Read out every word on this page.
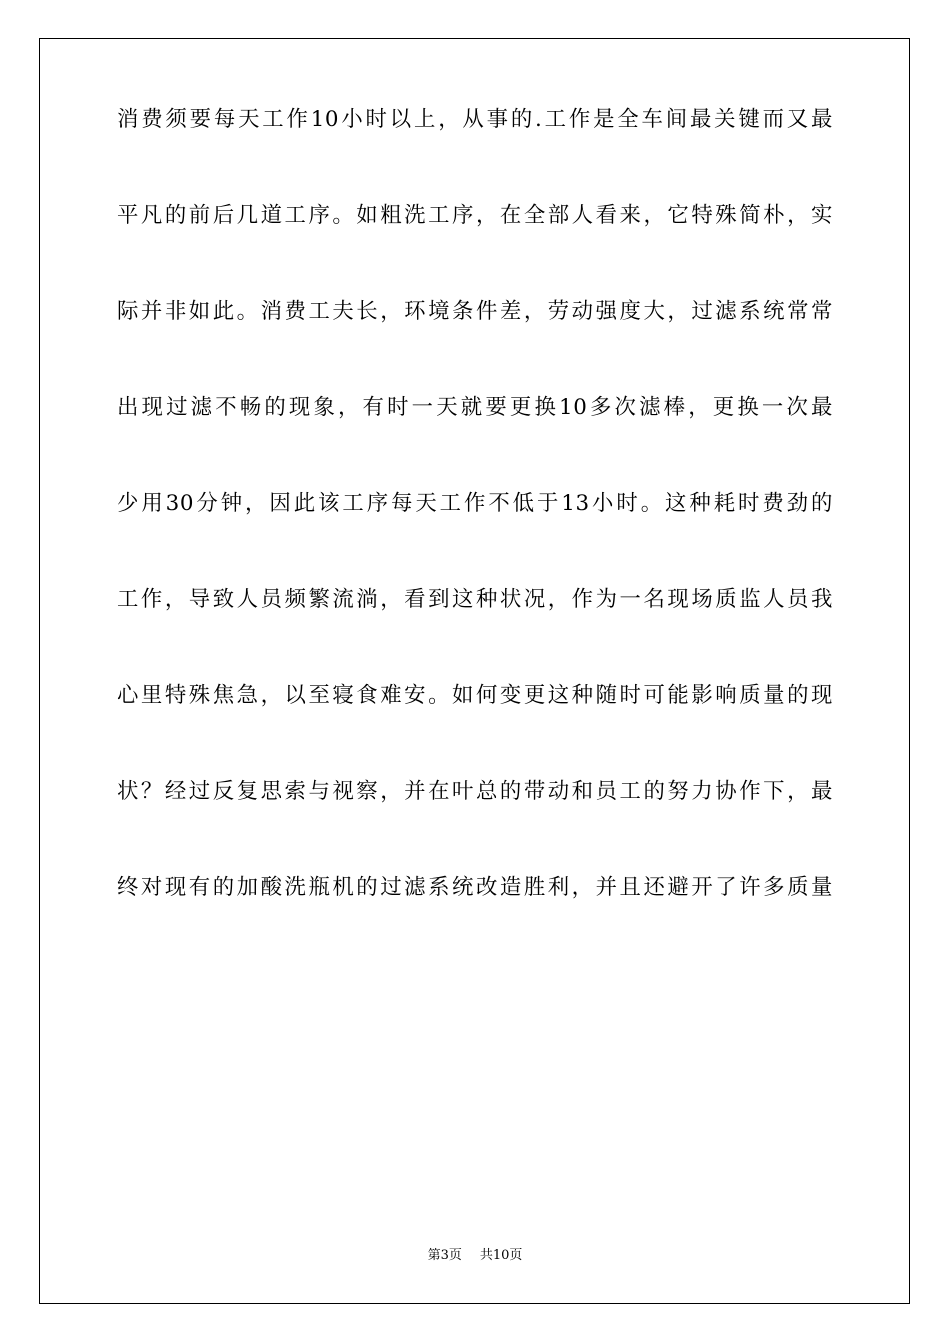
消费须要每天工作10小时以上，从事的.工作是全车间最关键而又最
平凡的前后几道工序。如粗洗工序，在全部人看来，它特殊简朴，实
际并非如此。消费工夫长，环境条件差，劳动强度大，过滤系统常常
出现过滤不畅的现象，有时一天就要更换10多次滤棒，更换一次最
少用30分钟，因此该工序每天工作不低于13小时。这种耗时费劲的
工作，导致人员频繁流淌，看到这种状况，作为一名现场质监人员我
心里特殊焦急，以至寝食难安。如何变更这种随时可能影响质量的现
状？经过反复思索与视察，并在叶总的带动和员工的努力协作下，最
终对现有的加酸洗瓶机的过滤系统改造胜利，并且还避开了许多质量
第3页 共10页
